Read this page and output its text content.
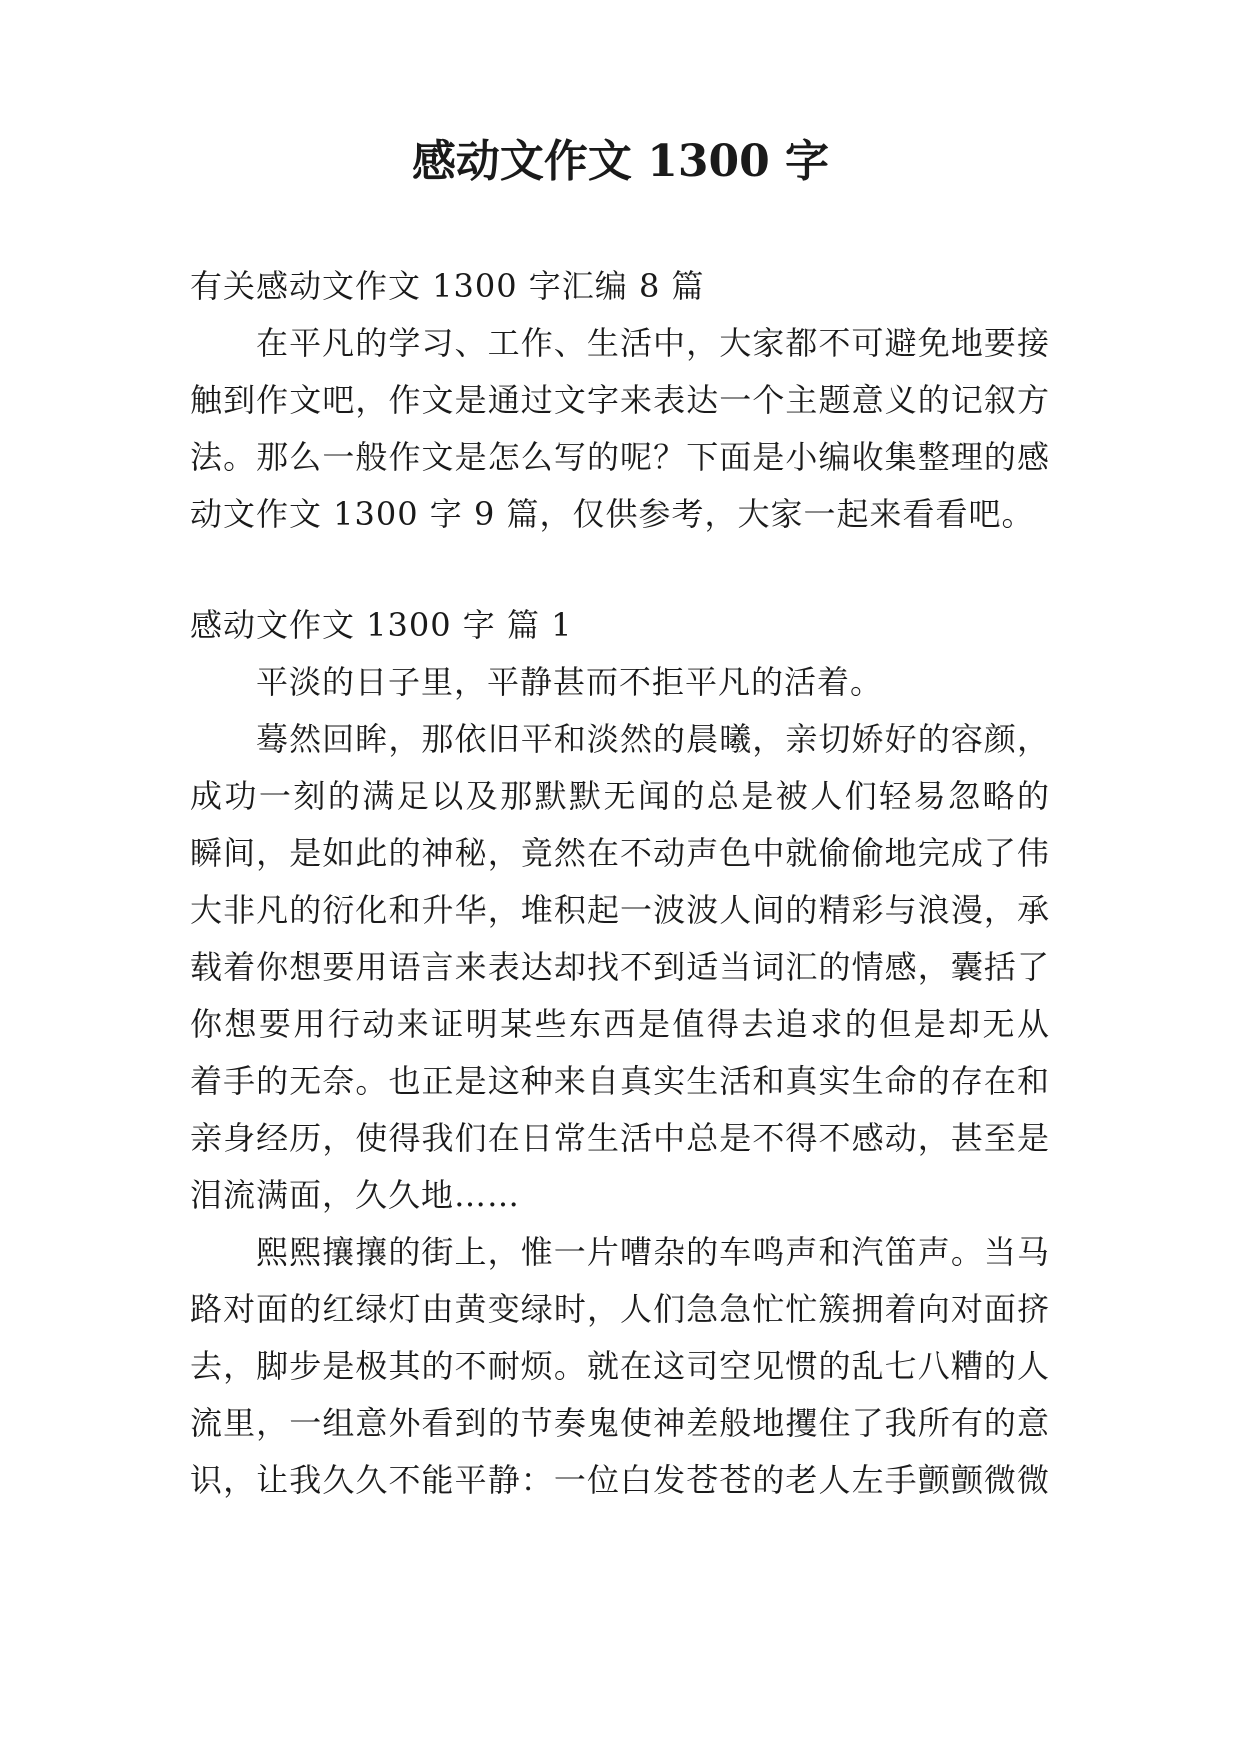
感动文作文 1300 字
有关感动文作文 1300 字汇编 8 篇
在平凡的学习、工作、生活中，大家都不可避免地要接
触到作文吧，作文是通过文字来表达一个主题意义的记叙方
法。那么一般作文是怎么写的呢？下面是小编收集整理的感
动文作文 1300 字 9 篇，仅供参考，大家一起来看看吧。
感动文作文 1300 字 篇 1
平淡的日子里，平静甚而不拒平凡的活着。
蓦然回眸，那依旧平和淡然的晨曦，亲切娇好的容颜，
成功一刻的满足以及那默默无闻的总是被人们轻易忽略的
瞬间，是如此的神秘，竟然在不动声色中就偷偷地完成了伟
大非凡的衍化和升华，堆积起一波波人间的精彩与浪漫，承
载着你想要用语言来表达却找不到适当词汇的情感，囊括了
你想要用行动来证明某些东西是值得去追求的但是却无从
着手的无奈。也正是这种来自真实生活和真实生命的存在和
亲身经历，使得我们在日常生活中总是不得不感动，甚至是
泪流满面，久久地……
熙熙攘攘的街上，惟一片嘈杂的车鸣声和汽笛声。当马
路对面的红绿灯由黄变绿时，人们急急忙忙簇拥着向对面挤
去，脚步是极其的不耐烦。就在这司空见惯的乱七八糟的人
流里，一组意外看到的节奏鬼使神差般地攫住了我所有的意
识，让我久久不能平静：一位白发苍苍的老人左手颤颤微微
